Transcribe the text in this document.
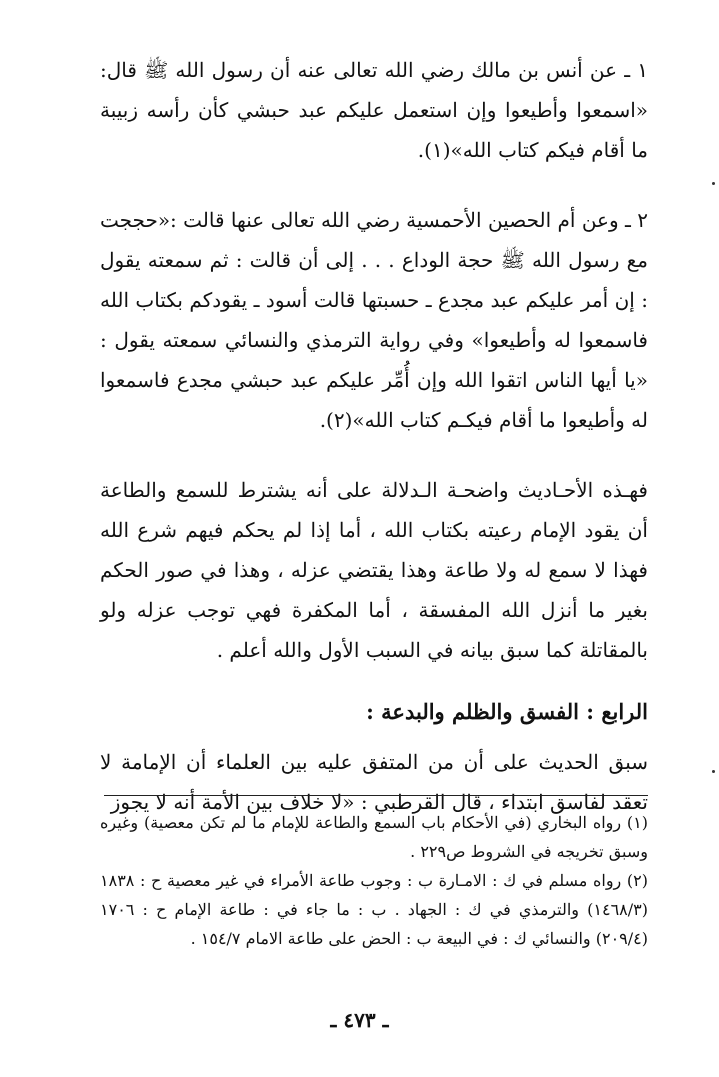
١ ـ عن أنس بن مالك رضي الله تعالى عنه أن رسول الله ﷺ قال: «اسمعوا وأطيعوا وإن استعمل عليكم عبد حبشي كأن رأسه زبيبة ما أقام فيكم كتاب الله»(١).

٢ ـ وعن أم الحصين الأحمسية رضي الله تعالى عنها قالت :«حججت مع رسول الله ﷺ حجة الوداع . . . إلى أن قالت : ثم سمعته يقول : إن أمر عليكم عبد مجدع ـ حسبتها قالت أسود ـ يقودكم بكتاب الله فاسمعوا له وأطيعوا» وفي رواية الترمذي والنسائي سمعته يقول : «يا أيها الناس اتقوا الله وإن أُمِّر عليكم عبد حبشي مجدع فاسمعوا له وأطيعوا ما أقام فيكـم كتاب الله»(٢).

فهـذه الأحـاديث واضحـة الـدلالة على أنه يشترط للسمع والطاعة أن يقود الإمام رعيته بكتاب الله ، أما إذا لم يحكم فيهم شرع الله فهذا لا سمع له ولا طاعة وهذا يقتضي عزله ، وهذا في صور الحكم بغير ما أنزل الله المفسقة ، أما المكفرة فهي توجب عزله ولو بالمقاتلة كما سبق بيانه في السبب الأول والله أعلم .

الرابع : الفسق والظلم والبدعة :

سبق الحديث على أن من المتفق عليه بين العلماء أن الإمامة لا تعقد لفاسق ابتداء ، قال القرطبي : «لا خلاف بين الأمة أنه لا يجوز

(١) رواه البخاري (في الأحكام باب السمع والطاعة للإمام ما لم تكن معصية) وغيره وسبق تخريجه في الشروط ص٢٢٩ .

(٢) رواه مسلم في ك : الامـارة ب : وجوب طاعة الأمراء في غير معصية ح : ١٨٣٨ (١٤٦٨/٣) والترمذي في ك : الجهاد . ب : ما جاء في : طاعة الإمام ح : ١٧٠٦ (٢٠٩/٤) والنسائي ك : في البيعة ب : الحض على طاعة الامام ١٥٤/٧ .

ـ ٤٧٣ ـ
